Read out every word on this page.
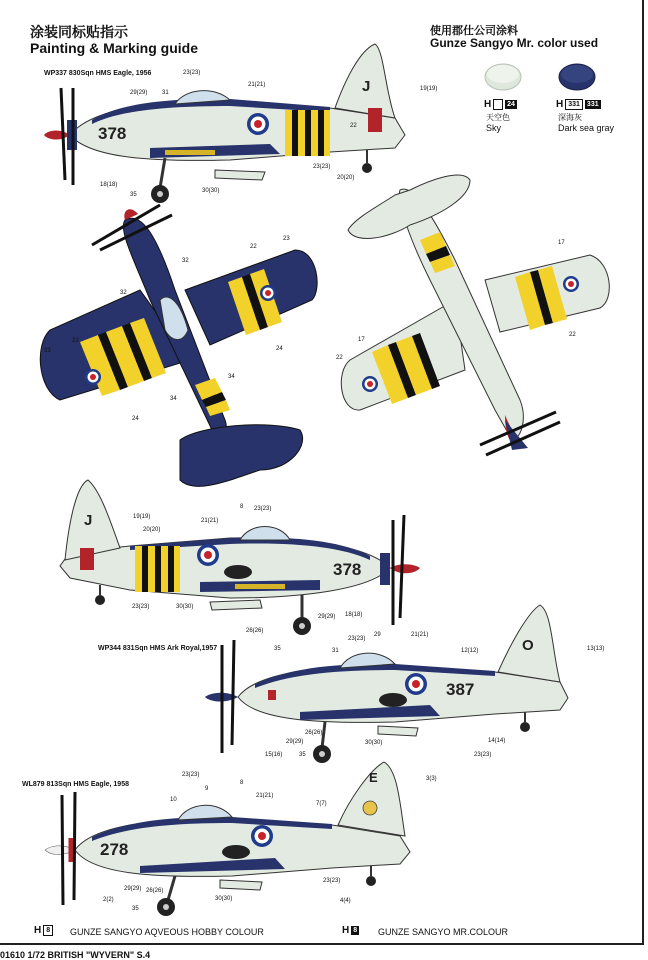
涂装同标贴指示
Painting & Marking guide
使用郡仕公司涂料
Gunze Sangyo Mr. color used
H
24
天空色
Sky
H 331	331
深海灰
Dark sea gray
WP337 830Sqn HMS Eagle, 1956
378
J
23(23)
29(29) 31
21(21)
19(19)
18(18)
35
30(30)
23(23)
20(20)
22
32
22
23
32
22
23	24
34
34
24
17
22
17
22
378
J	19(19)
20(20)
8 23(23)
21(21)
23(23)	30(30)
26(26)
35
29(29) 18(18)
WP344 831Sqn HMS Ark Royal,1957
387
O
23(23)
29	21(21)
12(12)	13(13)
31
15(16)
29(29)
26(26)
35
30(30)	14(14)
23(23)
WL879 813Sqn HMS Eagle, 1958
278
E
23(23)
9
8
3(3)
10
21(21)
7(7)
2(2)
29(29) 26(26)
35
30(30)
23(23)
4(4)
H 8	GUNZE SANGYO AQVEOUS HOBBY COLOUR	H 8 GUNZE SANGYO MR.COLOUR
01610 1/72 BRITISH "WYVERN" S.4
